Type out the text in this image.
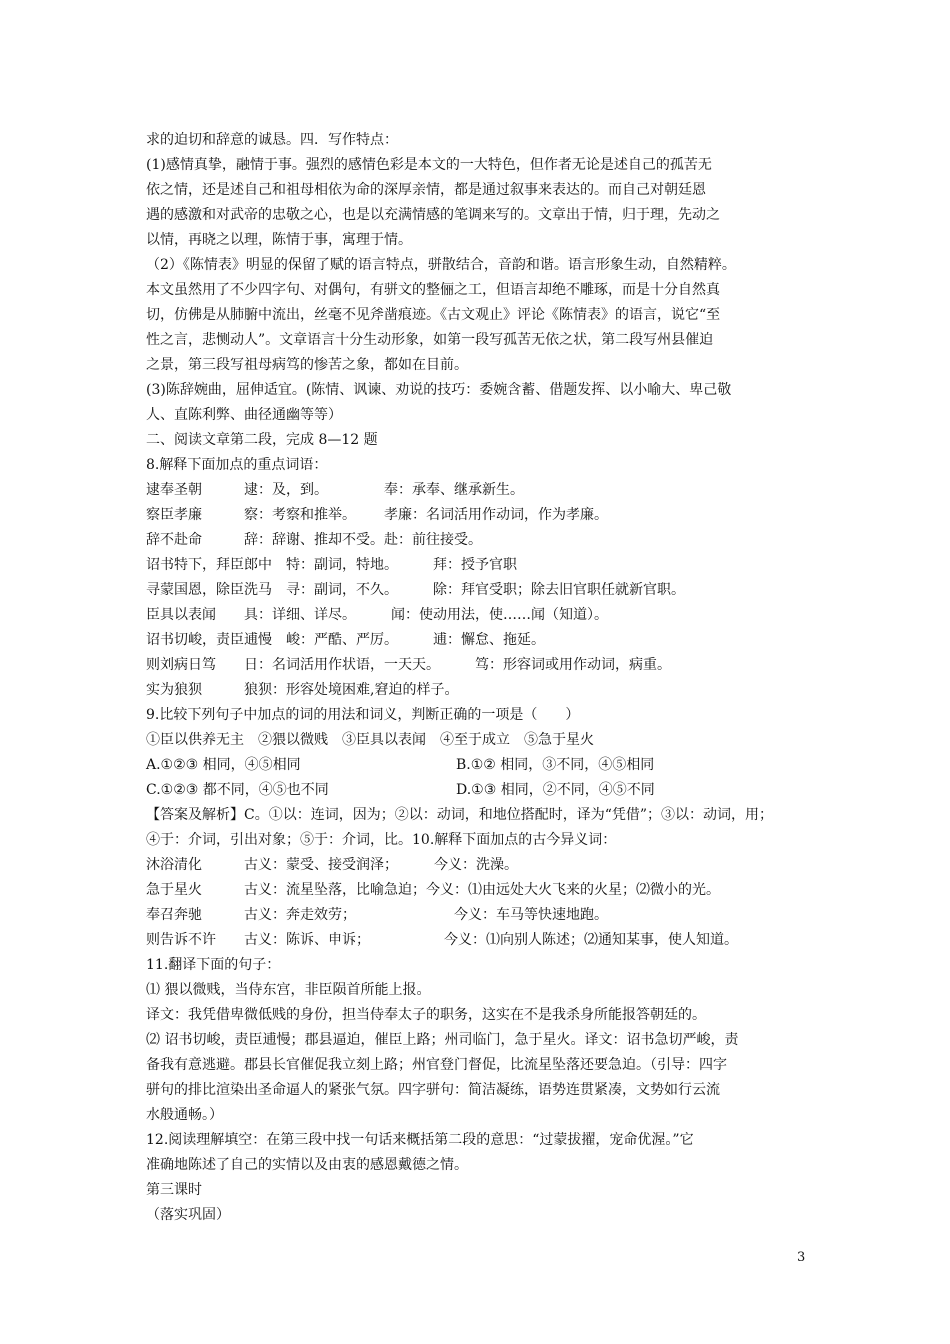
求的迫切和辞意的诚恳。四．写作特点：

(1)感情真挚，融情于事。强烈的感情色彩是本文的一大特色，但作者无论是述自己的孤苦无

依之情，还是述自己和祖母相依为命的深厚亲情，都是通过叙事来表达的。而自己对朝廷恩

遇的感激和对武帝的忠敬之心，也是以充满情感的笔调来写的。文章出于情，归于理，先动之

以情，再晓之以理，陈情于事，寓理于情。

（2）《陈情表》明显的保留了赋的语言特点，骈散结合，音韵和谐。语言形象生动，自然精粹。

本文虽然用了不少四字句、对偶句，有骈文的整俪之工，但语言却绝不雕琢，而是十分自然真

切，仿佛是从肺腑中流出，丝毫不见斧凿痕迹。《古文观止》评论《陈情表》的语言，说它“至

性之言，悲恻动人”。文章语言十分生动形象，如第一段写孤苦无依之状，第二段写州县催迫

之景，第三段写祖母病笃的惨苦之象，都如在目前。

(3)陈辞婉曲，屈伸适宜。(陈情、讽谏、劝说的技巧：委婉含蓄、借题发挥、以小喻大、卑己敬

人、直陈利弊、曲径通幽等等）

二、阅读文章第二段，完成 8—12 题

8.解释下面加点的重点词语：

逮奉圣朝	逮：及，到。	奉：承奉、继承新生。

察臣孝廉	察：考察和推举。 孝廉：名词活用作动词，作为孝廉。

辞不赴命	辞：辞谢、推却不受。赴：前往接受。

诏书特下，拜臣郎中　 特：副词，特地。　　　	拜：授予官职

寻蒙国恩，除臣洗马　 寻：副词，不久。　　　	除：拜官受职；除去旧官职任就新官职。

臣具以表闻　　 具：详细、详尽。　　　	闻：使动用法，使……闻（知道）。

诏书切峻，责臣逋慢　 峻：严酷、严厉。　　　	逋：懈怠、拖延。

则刘病日笃　　 日：名词活用作状语，一天天。　　　	笃：形容词或用作动词，病重。

实为狼狈	狼狈：形容处境困难,窘迫的样子。

9.比较下列句子中加点的词的用法和词义，判断正确的一项是（　　）

①臣以供养无主　②猥以微贱　③臣具以表闻　④至于成立　⑤急于星火

A.①②③ 相同，④⑤相同	B.①② 相同，③不同，④⑤相同

C.①②③ 都不同，④⑤也不同	D.①③ 相同，②不同，④⑤不同

【答案及解析】C。①以：连词，因为；②以：动词，和地位搭配时，译为“凭借”；③以：动词，用；

④于：介词，引出对象；⑤于：介词，比。10.解释下面加点的古今异义词：

沐浴清化	古义：蒙受、接受润泽；	今义：洗澡。

急于星火	古义：流星坠落，比喻急迫；今义：⑴由远处大火飞来的火星；⑵微小的光。

奉召奔驰	古义：奔走效劳；	今义：车马等快速地跑。

则告诉不许 古义：陈诉、申诉；	今义：⑴向别人陈述；⑵通知某事，使人知道。

11.翻译下面的句子：

⑴ 猥以微贱，当侍东宫，非臣陨首所能上报。

译文：我凭借卑微低贱的身份，担当侍奉太子的职务，这实在不是我杀身所能报答朝廷的。

⑵ 诏书切峻，责臣逋慢；郡县逼迫，催臣上路；州司临门，急于星火。译文：诏书急切严峻，责

备我有意逃避。郡县长官催促我立刻上路；州官登门督促，比流星坠落还要急迫。（引导：四字

骈句的排比渲染出圣命逼人的紧张气氛。四字骈句：简洁凝练，语势连贯紧凑，文势如行云流

水般通畅。）

12.阅读理解填空：在第三段中找一句话来概括第二段的意思：“过蒙拔擢，宠命优渥。”它

准确地陈述了自己的实情以及由衷的感恩戴德之情。

第三课时

（落实巩固）

3
